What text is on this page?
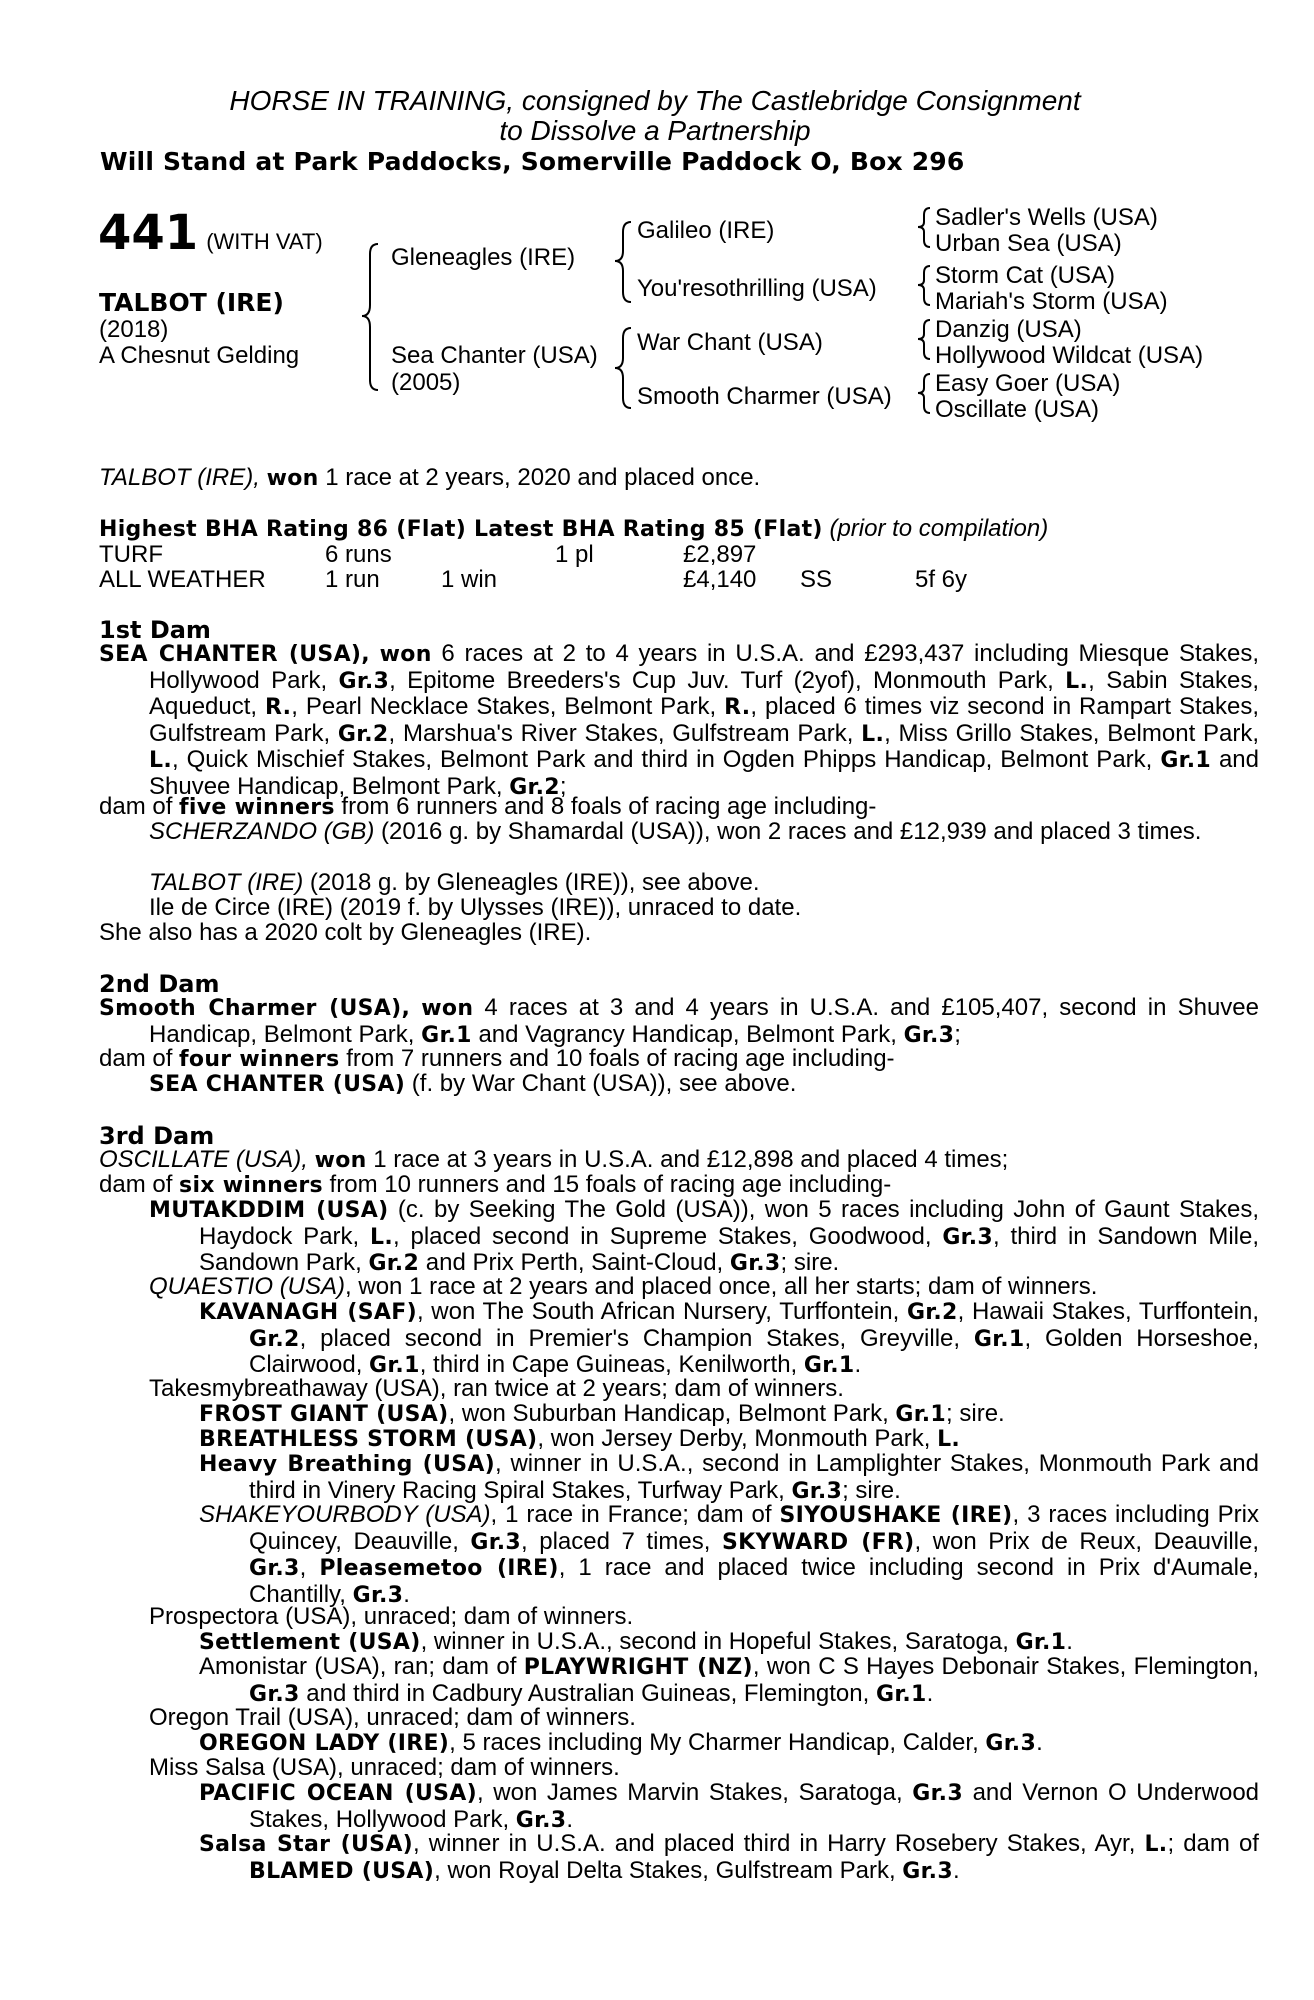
HORSE IN TRAINING, consigned by The Castlebridge Consignment
to Dissolve a Partnership
Will Stand at Park Paddocks, Somerville Paddock O, Box 296
441 (WITH VAT)
TALBOT (IRE)
(2018)
A Chesnut Gelding
Gleneagles (IRE)
Sea Chanter (USA)
(2005)
Galileo (IRE)
You'resothrilling (USA)
War Chant (USA)
Smooth Charmer (USA)
Sadler's Wells (USA)
Urban Sea (USA)
Storm Cat (USA)
Mariah's Storm (USA)
Danzig (USA)
Hollywood Wildcat (USA)
Easy Goer (USA)
Oscillate (USA)
TALBOT (IRE), won 1 race at 2 years, 2020 and placed once.
Highest BHA Rating 86 (Flat) Latest BHA Rating 85 (Flat) (prior to compilation)
TURF	6 runs	1 pl	£2,897
ALL WEATHER 1 run	1 win	£4,140 SS	5f 6y
1st Dam
SEA CHANTER (USA), won 6 races at 2 to 4 years in U.S.A. and £293,437 including Miesque Stakes, Hollywood Park, Gr.3, Epitome Breeders's Cup Juv. Turf (2yof), Monmouth Park, L., Sabin Stakes, Aqueduct, R., Pearl Necklace Stakes, Belmont Park, R., placed 6 times viz second in Rampart Stakes, Gulfstream Park, Gr.2, Marshua's River Stakes, Gulfstream Park, L., Miss Grillo Stakes, Belmont Park, L., Quick Mischief Stakes, Belmont Park and third in Ogden Phipps Handicap, Belmont Park, Gr.1 and Shuvee Handicap, Belmont Park, Gr.2;
dam of five winners from 6 runners and 8 foals of racing age including-
SCHERZANDO (GB) (2016 g. by Shamardal (USA)), won 2 races and £12,939 and placed 3 times.
TALBOT (IRE) (2018 g. by Gleneagles (IRE)), see above.
Ile de Circe (IRE) (2019 f. by Ulysses (IRE)), unraced to date.
She also has a 2020 colt by Gleneagles (IRE).
2nd Dam
Smooth Charmer (USA), won 4 races at 3 and 4 years in U.S.A. and £105,407, second in Shuvee Handicap, Belmont Park, Gr.1 and Vagrancy Handicap, Belmont Park, Gr.3;
dam of four winners from 7 runners and 10 foals of racing age including-
SEA CHANTER (USA) (f. by War Chant (USA)), see above.
3rd Dam
OSCILLATE (USA), won 1 race at 3 years in U.S.A. and £12,898 and placed 4 times;
dam of six winners from 10 runners and 15 foals of racing age including-
MUTAKDDIM (USA) (c. by Seeking The Gold (USA)), won 5 races including John of Gaunt Stakes, Haydock Park, L., placed second in Supreme Stakes, Goodwood, Gr.3, third in Sandown Mile, Sandown Park, Gr.2 and Prix Perth, Saint-Cloud, Gr.3; sire.
QUAESTIO (USA), won 1 race at 2 years and placed once, all her starts; dam of winners.
KAVANAGH (SAF), won The South African Nursery, Turffontein, Gr.2, Hawaii Stakes, Turffontein, Gr.2, placed second in Premier's Champion Stakes, Greyville, Gr.1, Golden Horseshoe, Clairwood, Gr.1, third in Cape Guineas, Kenilworth, Gr.1.
Takesmybreathaway (USA), ran twice at 2 years; dam of winners.
FROST GIANT (USA), won Suburban Handicap, Belmont Park, Gr.1; sire.
BREATHLESS STORM (USA), won Jersey Derby, Monmouth Park, L.
Heavy Breathing (USA), winner in U.S.A., second in Lamplighter Stakes, Monmouth Park and third in Vinery Racing Spiral Stakes, Turfway Park, Gr.3; sire.
SHAKEYOURBODY (USA), 1 race in France; dam of SIYOUSHAKE (IRE), 3 races including Prix Quincey, Deauville, Gr.3, placed 7 times, SKYWARD (FR), won Prix de Reux, Deauville, Gr.3, Pleasemetoo (IRE), 1 race and placed twice including second in Prix d'Aumale, Chantilly, Gr.3.
Prospectora (USA), unraced; dam of winners.
Settlement (USA), winner in U.S.A., second in Hopeful Stakes, Saratoga, Gr.1.
Amonistar (USA), ran; dam of PLAYWRIGHT (NZ), won C S Hayes Debonair Stakes, Flemington, Gr.3 and third in Cadbury Australian Guineas, Flemington, Gr.1.
Oregon Trail (USA), unraced; dam of winners.
OREGON LADY (IRE), 5 races including My Charmer Handicap, Calder, Gr.3.
Miss Salsa (USA), unraced; dam of winners.
PACIFIC OCEAN (USA), won James Marvin Stakes, Saratoga, Gr.3 and Vernon O Underwood Stakes, Hollywood Park, Gr.3.
Salsa Star (USA), winner in U.S.A. and placed third in Harry Rosebery Stakes, Ayr, L.; dam of BLAMED (USA), won Royal Delta Stakes, Gulfstream Park, Gr.3.
